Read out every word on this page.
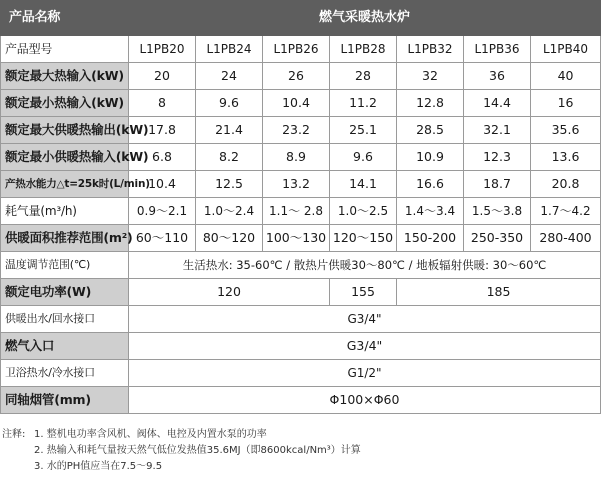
产品名称	燃气采暖热水炉						
产品型号	L1PB20	L1PB24	L1PB26	L1PB28	L1PB32	L1PB36	L1PB40
额定最大热输入(kW)	20	24	26	28	32	36	40
额定最小热输入(kW)	8	9.6	10.4	11.2	12.8	14.4	16
额定最大供暖热输出(kW)	17.8	21.4	23.2	25.1	28.5	32.1	35.6
额定最小供暖热输入(kW)	6.8	8.2	8.9	9.6	10.9	12.3	13.6
产热水能力△t=25k时(L/min)	10.4	12.5	13.2	14.1	16.6	18.7	20.8
耗气量(m³/h)	0.9～2.1	1.0～2.4	1.1～ 2.8	1.0～2.5	1.4～3.4	1.5～3.8	1.7～4.2
供暖面积推荐范围(m²)	60～110	80～120	100～130	120～150	150-200	250-350	280-400
温度调节范围(℃)	生活热水: 35-60℃ / 散热片供暖30～80℃ / 地板辐射供暖: 30～60℃						
额定电功率(W)	120			155	185		
供暖出水/回水接口	G3/4"						
燃气入口	G3/4"						
卫浴热水/冷水接口	G1/2"						
同轴烟管(mm)	Φ100×Φ60						
注释: 1. 整机电功率含风机、阀体、电控及内置水泵的功率
2. 热输入和耗气量按天然气低位发热值35.6MJ（即8600kcal/Nm³）计算
3. 水的PH值应当在7.5～9.5
